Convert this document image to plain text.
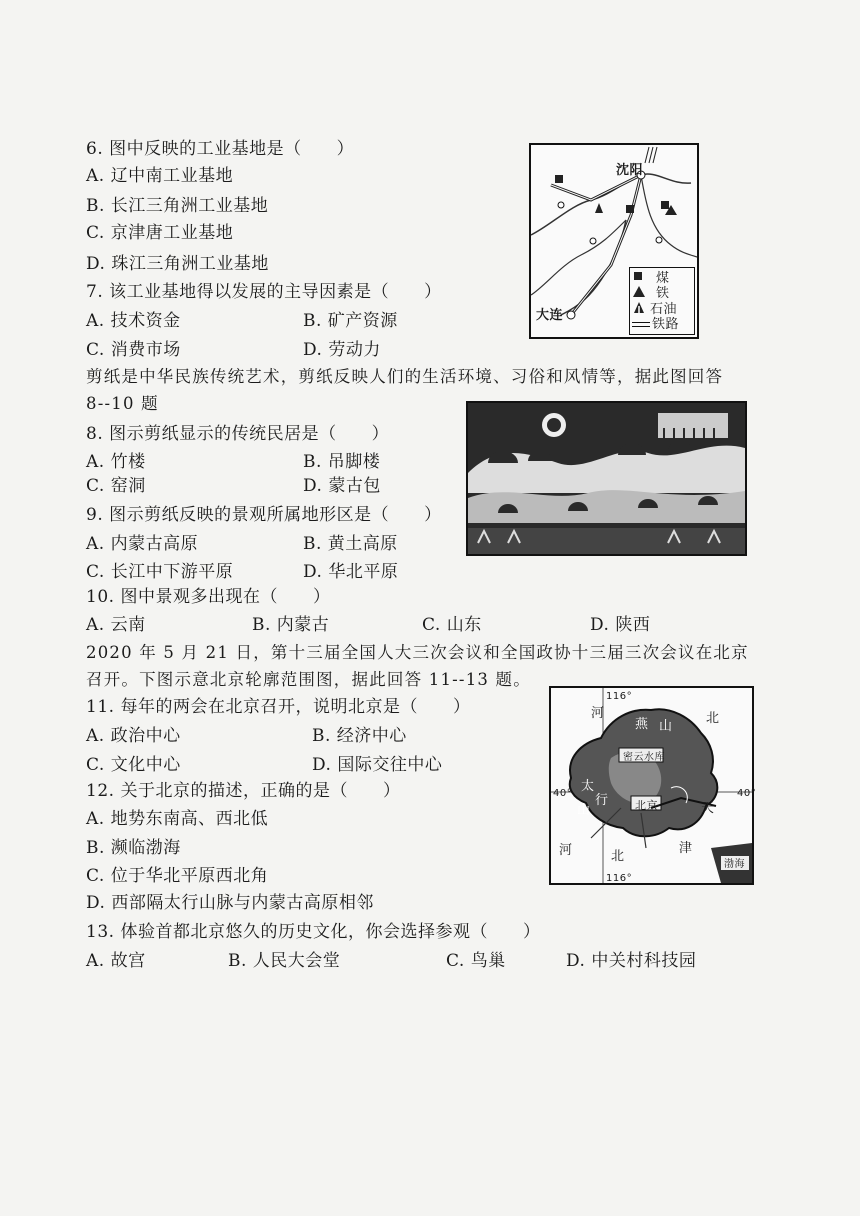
6. 图中反映的工业基地是（　　）
A. 辽中南工业基地
B. 长江三角洲工业基地
C. 京津唐工业基地
D. 珠江三角洲工业基地
7. 该工业基地得以发展的主导因素是（　　）
A. 技术资金	B. 矿产资源
C. 消费市场	D. 劳动力
沈阳
大连
煤
铁
石油
铁路
剪纸是中华民族传统艺术，剪纸反映人们的生活环境、习俗和风情等，据此图回答
8--10 题
8. 图示剪纸显示的传统民居是（　　）
A. 竹楼	B. 吊脚楼
C. 窑洞	D. 蒙古包
9. 图示剪纸反映的景观所属地形区是（　　）
A. 内蒙古高原	B. 黄土高原
C. 长江中下游平原	D. 华北平原
10. 图中景观多出现在（　　）
A. 云南	B. 内蒙古	C. 山东	D. 陕西
2020 年 5 月 21 日，第十三届全国人大三次会议和全国政协十三届三次会议在北京
召开。下图示意北京轮廓范围图，据此回答 11--13 题。
11. 每年的两会在北京召开，说明北京是（　　）
A. 政治中心	B. 经济中心
C. 文化中心	D. 国际交往中心
12. 关于北京的描述，正确的是（　　）
A. 地势东南高、西北低
B. 濒临渤海
C. 位于华北平原西北角
D. 西部隔太行山脉与内蒙古高原相邻
13. 体验首都北京悠久的历史文化，你会选择参观（　　）
A. 故宫	B. 人民大会堂	C. 鸟巢	D. 中关村科技园
116°
40°
40°
116°
河	北
燕 山
密云水库
太
行
山	北京	天
津
河	北
渤海
